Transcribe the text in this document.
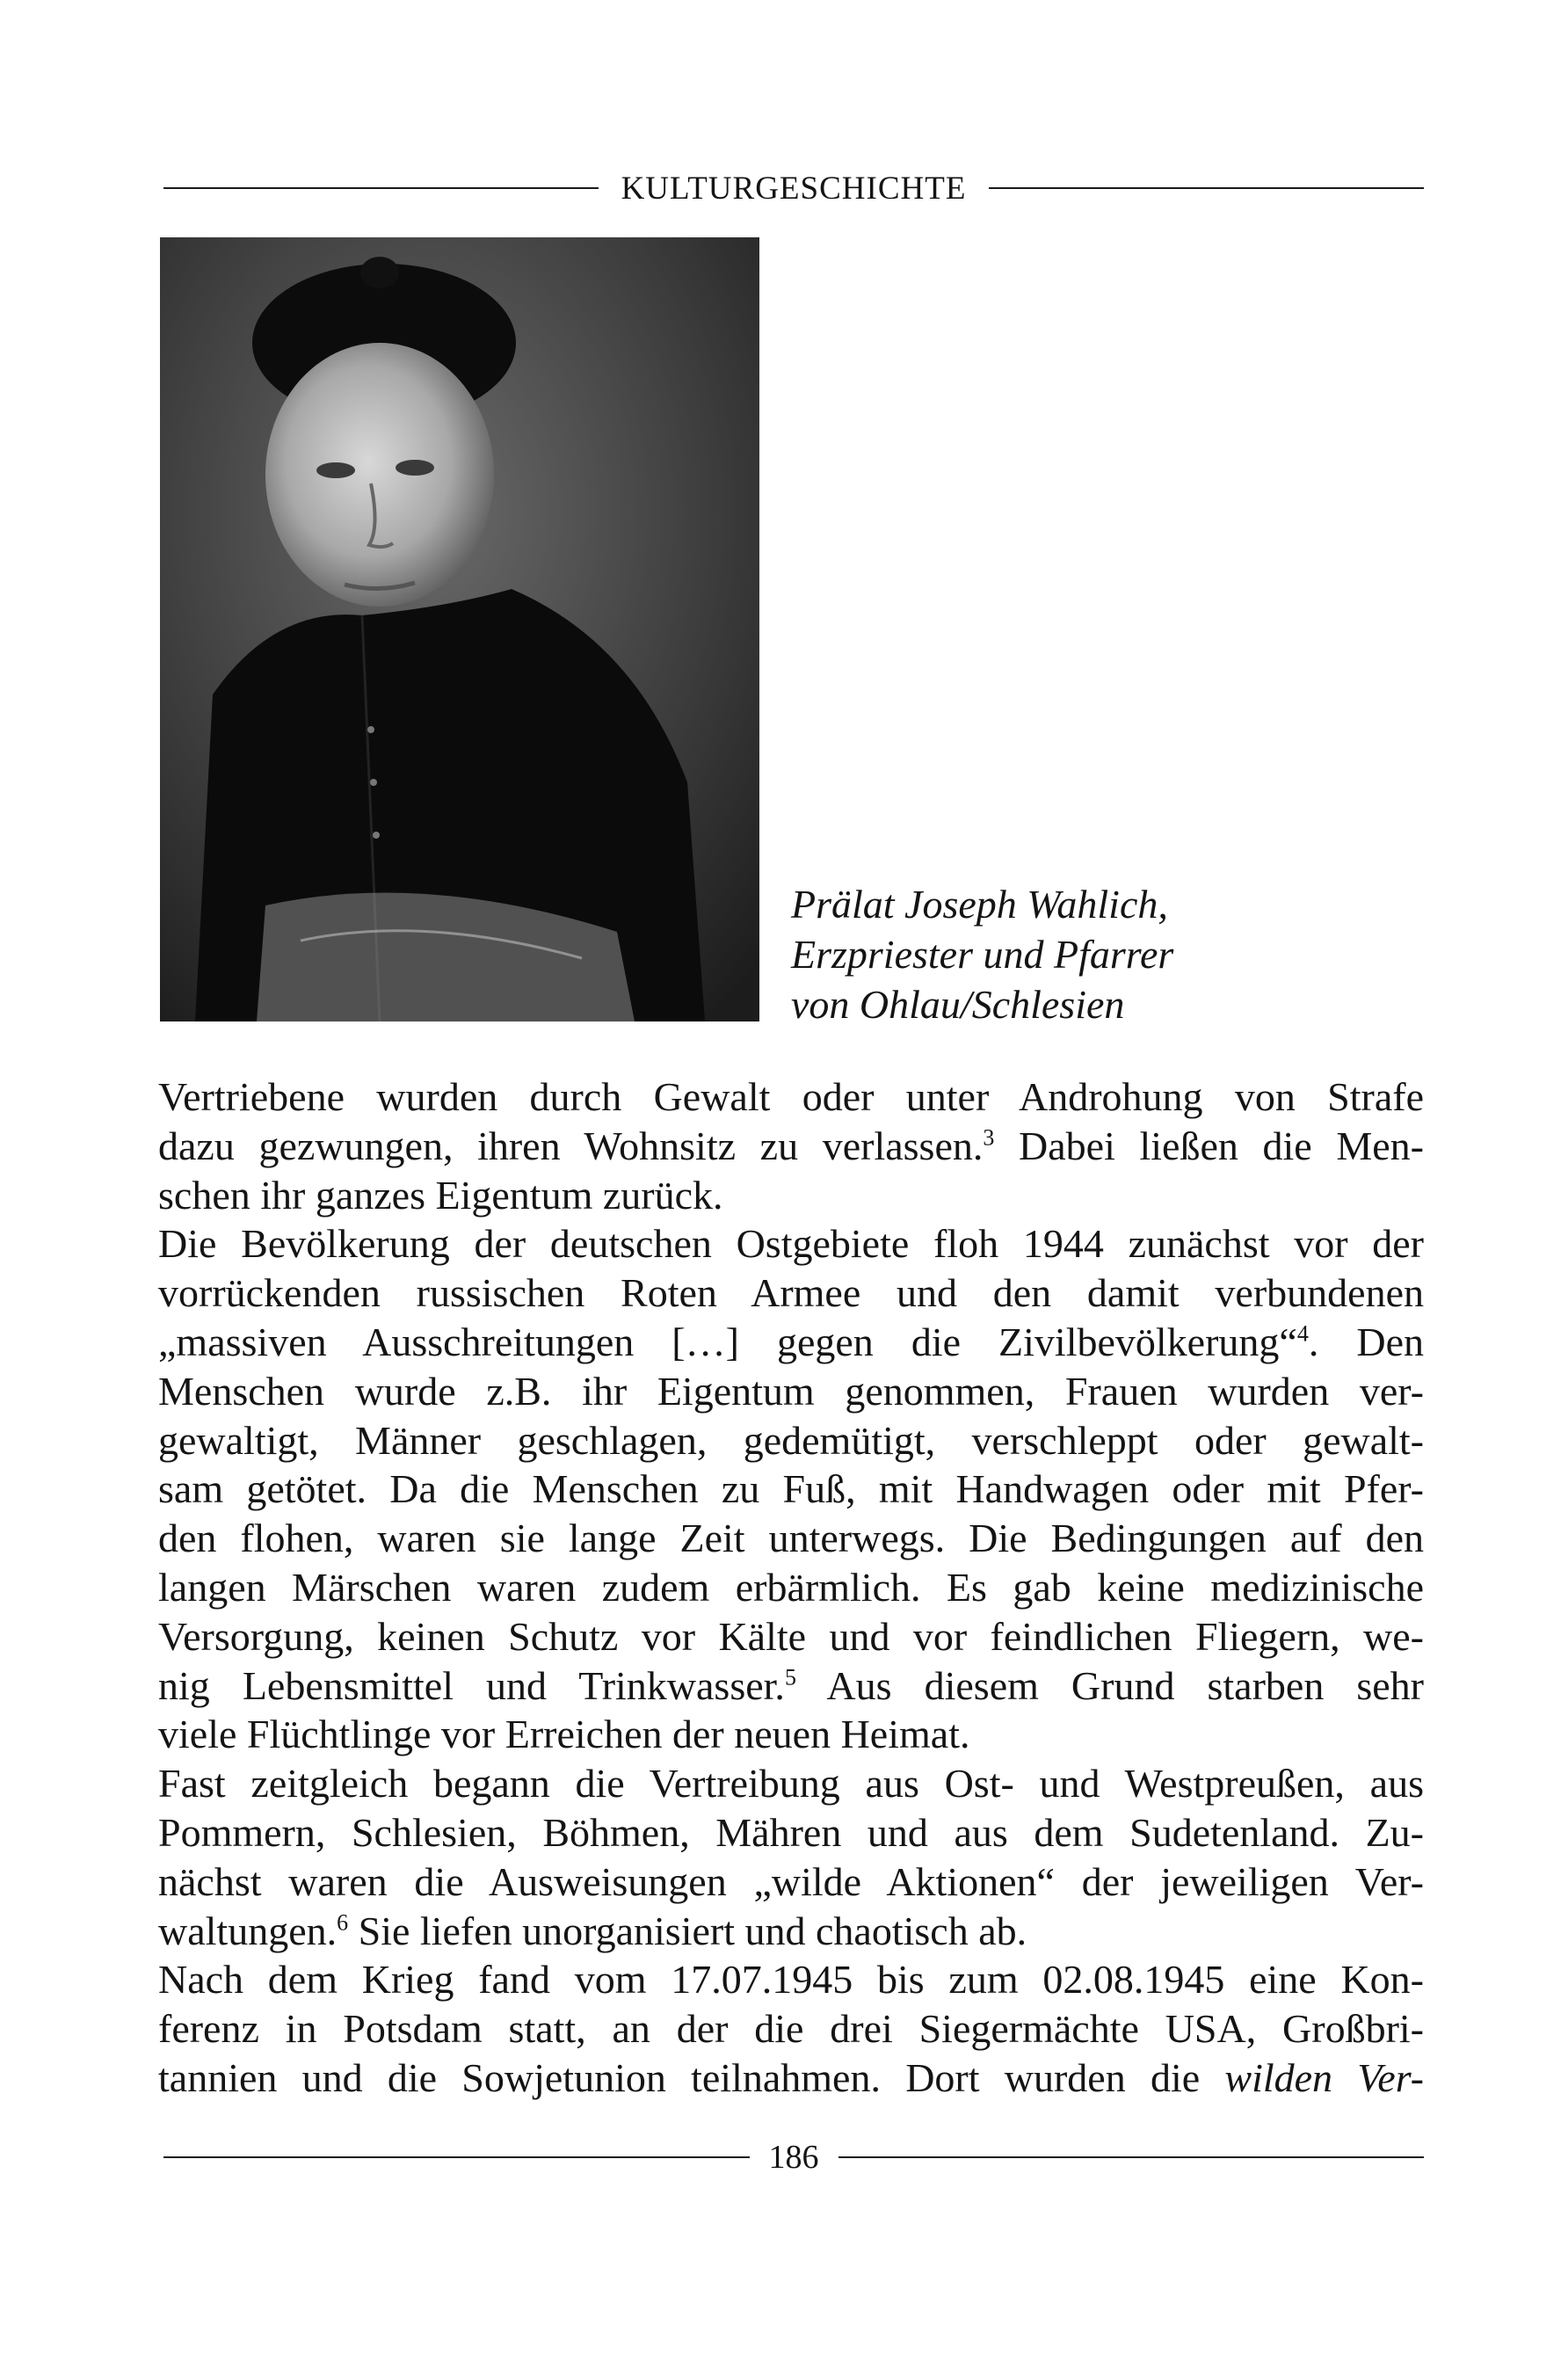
KULTURGESCHICHTE
Prälat Joseph Wahlich,
Erzpriester und Pfarrer
von Ohlau/Schlesien
Vertriebene wurden durch Gewalt oder unter Androhung von Strafe
dazu gezwungen, ihren Wohnsitz zu verlassen.$^3$ Dabei ließen die Men-
schen ihr ganzes Eigentum zurück.
Die Bevölkerung der deutschen Ostgebiete floh 1944 zunächst vor der
vorrückenden russischen Roten Armee und den damit verbundenen
„massiven Ausschreitungen […] gegen die Zivilbevölkerung“$^4$. Den
Menschen wurde z.B. ihr Eigentum genommen, Frauen wurden ver-
gewaltigt, Männer geschlagen, gedemütigt, verschleppt oder gewalt-
sam getötet. Da die Menschen zu Fuß, mit Handwagen oder mit Pfer-
den flohen, waren sie lange Zeit unterwegs. Die Bedingungen auf den
langen Märschen waren zudem erbärmlich. Es gab keine medizinische
Versorgung, keinen Schutz vor Kälte und vor feindlichen Fliegern, we-
nig Lebensmittel und Trinkwasser.$^5$ Aus diesem Grund starben sehr
viele Flüchtlinge vor Erreichen der neuen Heimat.
Fast zeitgleich begann die Vertreibung aus Ost- und Westpreußen, aus
Pommern, Schlesien, Böhmen, Mähren und aus dem Sudetenland. Zu-
nächst waren die Ausweisungen „wilde Aktionen“ der jeweiligen Ver-
waltungen.$^6$ Sie liefen unorganisiert und chaotisch ab.
Nach dem Krieg fand vom 17.07.1945 bis zum 02.08.1945 eine Kon-
ferenz in Potsdam statt, an der die drei Siegermächte USA, Großbri-
tannien und die Sowjetunion teilnahmen. Dort wurden die wilden Ver-
186
